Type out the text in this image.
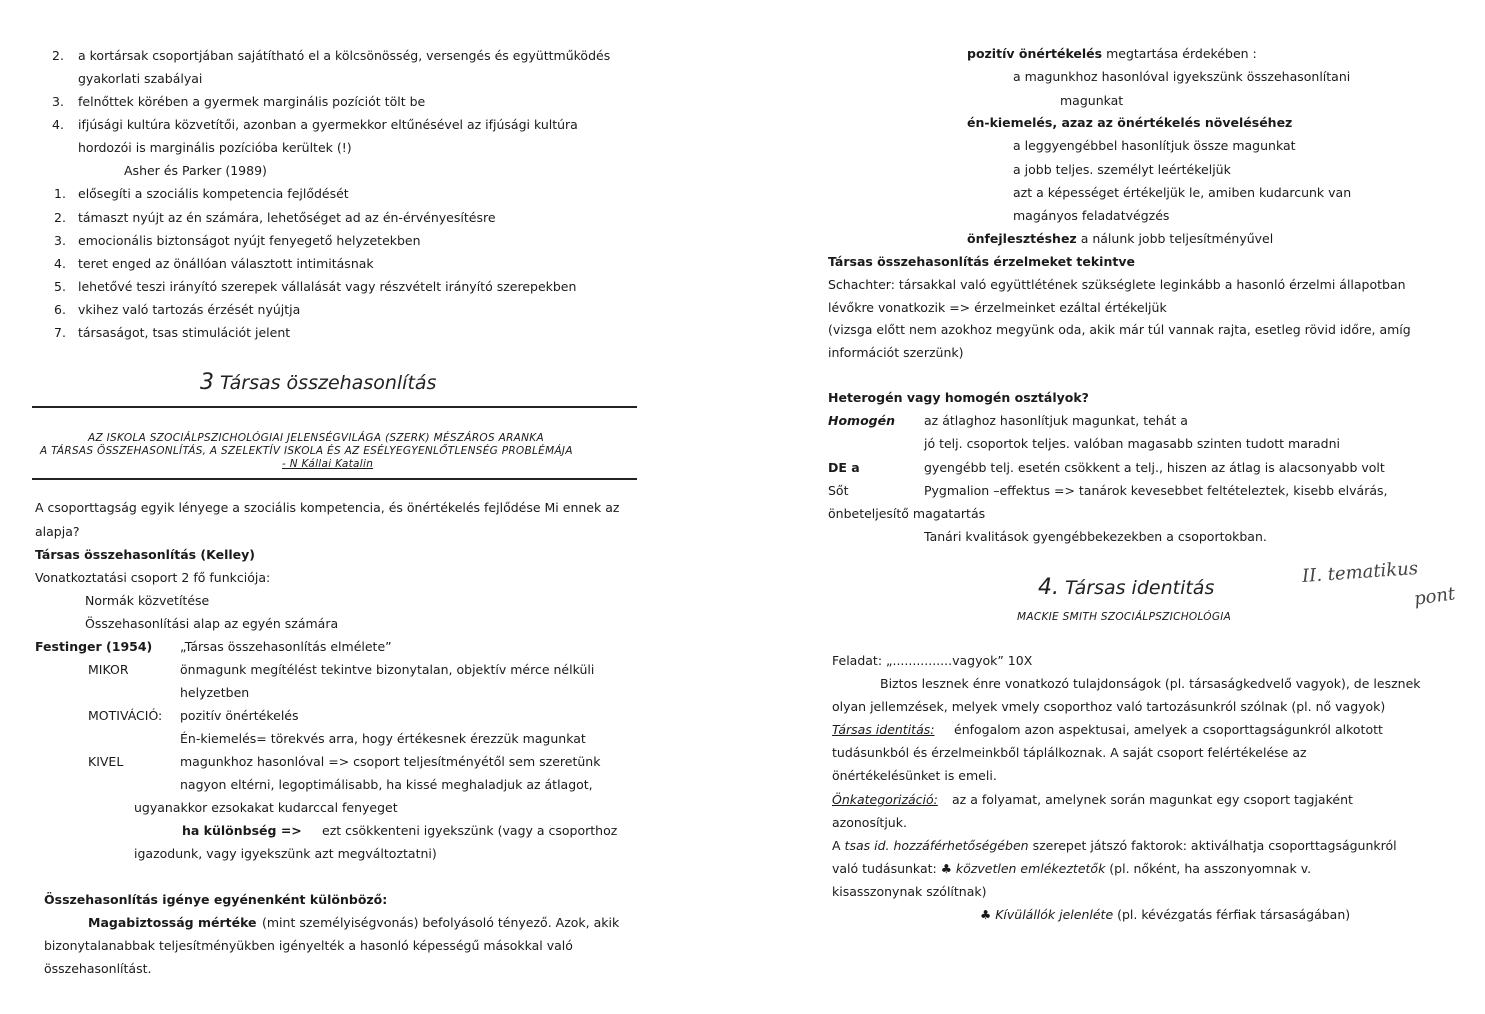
2. a kortársak csoportjában sajátítható el a kölcsönösség, versengés és együttműködés
gyakorlati szabályai
3. felnőttek körében a gyermek marginális pozíciót tölt be
4. ifjúsági kultúra közvetítői, azonban a gyermekkor eltűnésével az ifjúsági kultúra
hordozói is marginális pozícióba kerültek (!)
Asher és Parker (1989)
1. elősegíti a szociális kompetencia fejlődését
2. támaszt nyújt az én számára, lehetőséget ad az én-érvényesítésre
3. emocionális biztonságot nyújt fenyegető helyzetekben
4. teret enged az önállóan választott intimitásnak
5. lehetővé teszi irányító szerepek vállalását vagy részvételt irányító szerepekben
6. vkihez való tartozás érzését nyújtja
7. társaságot, tsas stimulációt jelent
3 Társas összehasonlítás
AZ ISKOLA SZOCIÁLPSZICHOLÓGIAI JELENSÉGVILÁGA (SZERK) MÉSZÁROS ARANKA
A TÁRSAS ÖSSZEHASONLÍTÁS, A SZELEKTÍV ISKOLA ÉS AZ ESÉLYEGYENLŐTLENSÉG PROBLÉMÁJA
- N Kállai Katalin
A csoporttagság egyik lényege a szociális kompetencia, és önértékelés fejlődése Mi ennek az
alapja?
Társas összehasonlítás (Kelley)
Vonatkoztatási csoport 2 fő funkciója:
Normák közvetítése
Összehasonlítási alap az egyén számára
Festinger (1954) „Társas összehasonlítás elmélete”
MIKOR	önmagunk megítélést tekintve bizonytalan, objektív mérce nélküli
helyzetben
MOTIVÁCIÓ: pozitív önértékelés
Én-kiemelés= törekvés arra, hogy értékesnek érezzük magunkat
KIVEL	magunkhoz hasonlóval => csoport teljesítményétől sem szeretünk
nagyon eltérni, legoptimálisabb, ha kissé meghaladjuk az átlagot,
ugyanakkor ezsokakat kudarccal fenyeget
ha különbség => ezt csökkenteni igyekszünk (vagy a csoporthoz
igazodunk, vagy igyekszünk azt megváltoztatni)
Összehasonlítás igénye egyénenként különböző:
Magabiztosság mértéke (mint személyiségvonás) befolyásoló tényező. Azok, akik
bizonytalanabbak teljesítményükben igényelték a hasonló képességű másokkal való
összehasonlítást.
pozitív önértékelés megtartása érdekében :
a magunkhoz hasonlóval igyekszünk összehasonlítani
magunkat
én-kiemelés, azaz az önértékelés növeléséhez
a leggyengébbel hasonlítjuk össze magunkat
a jobb teljes. személyt leértékeljük
azt a képességet értékeljük le, amiben kudarcunk van
magányos feladatvégzés
önfejlesztéshez a nálunk jobb teljesítményűvel
Társas összehasonlítás érzelmeket tekintve
Schachter: társakkal való együttlétének szükséglete leginkább a hasonló érzelmi állapotban
lévőkre vonatkozik => érzelmeinket ezáltal értékeljük
(vizsga előtt nem azokhoz megyünk oda, akik már túl vannak rajta, esetleg rövid időre, amíg
információt szerzünk)
Heterogén vagy homogén osztályok?
Homogén az átlaghoz hasonlítjuk magunkat, tehát a
jó telj. csoportok teljes. valóban magasabb szinten tudott maradni
DE a	gyengébb telj. esetén csökkent a telj., hiszen az átlag is alacsonyabb volt
Sőt	Pygmalion –effektus => tanárok kevesebbet feltételeztek, kisebb elvárás,
önbeteljesítő magatartás
Tanári kvalitások gyengébbekezekben a csoportokban.
4. Társas identitás
MACKIE SMITH SZOCIÁLPSZICHOLÓGIA
II. tematikus
pont
Feladat: „...............vagyok” 10X
Biztos lesznek énre vonatkozó tulajdonságok (pl. társaságkedvelő vagyok), de lesznek
olyan jellemzések, melyek vmely csoporthoz való tartozásunkról szólnak (pl. nő vagyok)
Társas identitás: énfogalom azon aspektusai, amelyek a csoporttagságunkról alkotott
tudásunkból és érzelmeinkből táplálkoznak. A saját csoport felértékelése az
önértékelésünket is emeli.
Önkategorizáció: az a folyamat, amelynek során magunkat egy csoport tagjaként
azonosítjuk.
A tsas id. hozzáférhetőségében szerepet játszó faktorok: aktiválhatja csoporttagságunkról
való tudásunkat: ♣ közvetlen emlékeztetők (pl. nőként, ha asszonyomnak v.
kisasszonynak szólítnak)
♣ Kívülállók jelenléte (pl. kévézgatás férfiak társaságában)
